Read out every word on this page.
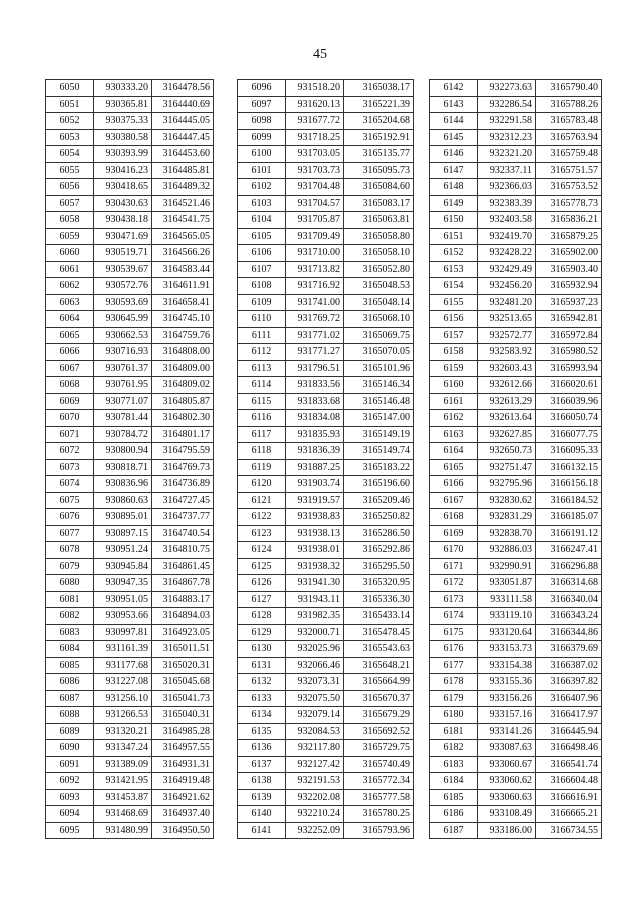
45
6050	930333.20	3164478.56
6051	930365.81	3164440.69
6052	930375.33	3164445.05
6053	930380.58	3164447.45
6054	930393.99	3164453.60
6055	930416.23	3164485.81
6056	930418.65	3164489.32
6057	930430.63	3164521.46
6058	930438.18	3164541.75
6059	930471.69	3164565.05
6060	930519.71	3164566.26
6061	930539.67	3164583.44
6062	930572.76	3164611.91
6063	930593.69	3164658.41
6064	930645.99	3164745.10
6065	930662.53	3164759.76
6066	930716.93	3164808.00
6067	930761.37	3164809.00
6068	930761.95	3164809.02
6069	930771.07	3164805.87
6070	930781.44	3164802.30
6071	930784.72	3164801.17
6072	930800.94	3164795.59
6073	930818.71	3164769.73
6074	930836.96	3164736.89
6075	930860.63	3164727.45
6076	930895.01	3164737.77
6077	930897.15	3164740.54
6078	930951.24	3164810.75
6079	930945.84	3164861.45
6080	930947.35	3164867.78
6081	930951.05	3164883.17
6082	930953.66	3164894.03
6083	930997.81	3164923.05
6084	931161.39	3165011.51
6085	931177.68	3165020.31
6086	931227.08	3165045.68
6087	931256.10	3165041.73
6088	931266.53	3165040.31
6089	931320.21	3164985.28
6090	931347.24	3164957.55
6091	931389.09	3164931.31
6092	931421.95	3164919.48
6093	931453.87	3164921.62
6094	931468.69	3164937.40
6095	931480.99	3164950.50
6096	931518.20	3165038.17
6097	931620.13	3165221.39
6098	931677.72	3165204.68
6099	931718.25	3165192.91
6100	931703.05	3165135.77
6101	931703.73	3165095.73
6102	931704.48	3165084.60
6103	931704.57	3165083.17
6104	931705.87	3165063.81
6105	931709.49	3165058.80
6106	931710.00	3165058.10
6107	931713.82	3165052.80
6108	931716.92	3165048.53
6109	931741.00	3165048.14
6110	931769.72	3165068.10
6111	931771.02	3165069.75
6112	931771.27	3165070.05
6113	931796.51	3165101.96
6114	931833.56	3165146.34
6115	931833.68	3165146.48
6116	931834.08	3165147.00
6117	931835.93	3165149.19
6118	931836.39	3165149.74
6119	931887.25	3165183.22
6120	931903.74	3165196.60
6121	931919.57	3165209.46
6122	931938.83	3165250.82
6123	931938.13	3165286.50
6124	931938.01	3165292.86
6125	931938.32	3165295.50
6126	931941.30	3165320.95
6127	931943.11	3165336.30
6128	931982.35	3165433.14
6129	932000.71	3165478.45
6130	932025.96	3165543.63
6131	932066.46	3165648.21
6132	932073.31	3165664.99
6133	932075.50	3165670.37
6134	932079.14	3165679.29
6135	932084.53	3165692.52
6136	932117.80	3165729.75
6137	932127.42	3165740.49
6138	932191.53	3165772.34
6139	932202.08	3165777.58
6140	932210.24	3165780.25
6141	932252.09	3165793.96
6142	932273.63	3165790.40
6143	932286.54	3165788.26
6144	932291.58	3165783.48
6145	932312.23	3165763.94
6146	932321.20	3165759.48
6147	932337.11	3165751.57
6148	932366.03	3165753.52
6149	932383.39	3165778.73
6150	932403.58	3165836.21
6151	932419.70	3165879.25
6152	932428.22	3165902.00
6153	932429.49	3165903.40
6154	932456.20	3165932.94
6155	932481.20	3165937.23
6156	932513.65	3165942.81
6157	932572.77	3165972.84
6158	932583.92	3165980.52
6159	932603.43	3165993.94
6160	932612.66	3166020.61
6161	932613.29	3166039.96
6162	932613.64	3166050.74
6163	932627.85	3166077.75
6164	932650.73	3166095.33
6165	932751.47	3166132.15
6166	932795.96	3166156.18
6167	932830.62	3166184.52
6168	932831.29	3166185.07
6169	932838.70	3166191.12
6170	932886.03	3166247.41
6171	932990.91	3166296.88
6172	933051.87	3166314.68
6173	933111.58	3166340.04
6174	933119.10	3166343.24
6175	933120.64	3166344.86
6176	933153.73	3166379.69
6177	933154.38	3166387.02
6178	933155.36	3166397.82
6179	933156.26	3166407.96
6180	933157.16	3166417.97
6181	933141.26	3166445.94
6182	933087.63	3166498.46
6183	933060.67	3166541.74
6184	933060.62	3166604.48
6185	933060.63	3166616.91
6186	933108.49	3166665.21
6187	933186.00	3166734.55
